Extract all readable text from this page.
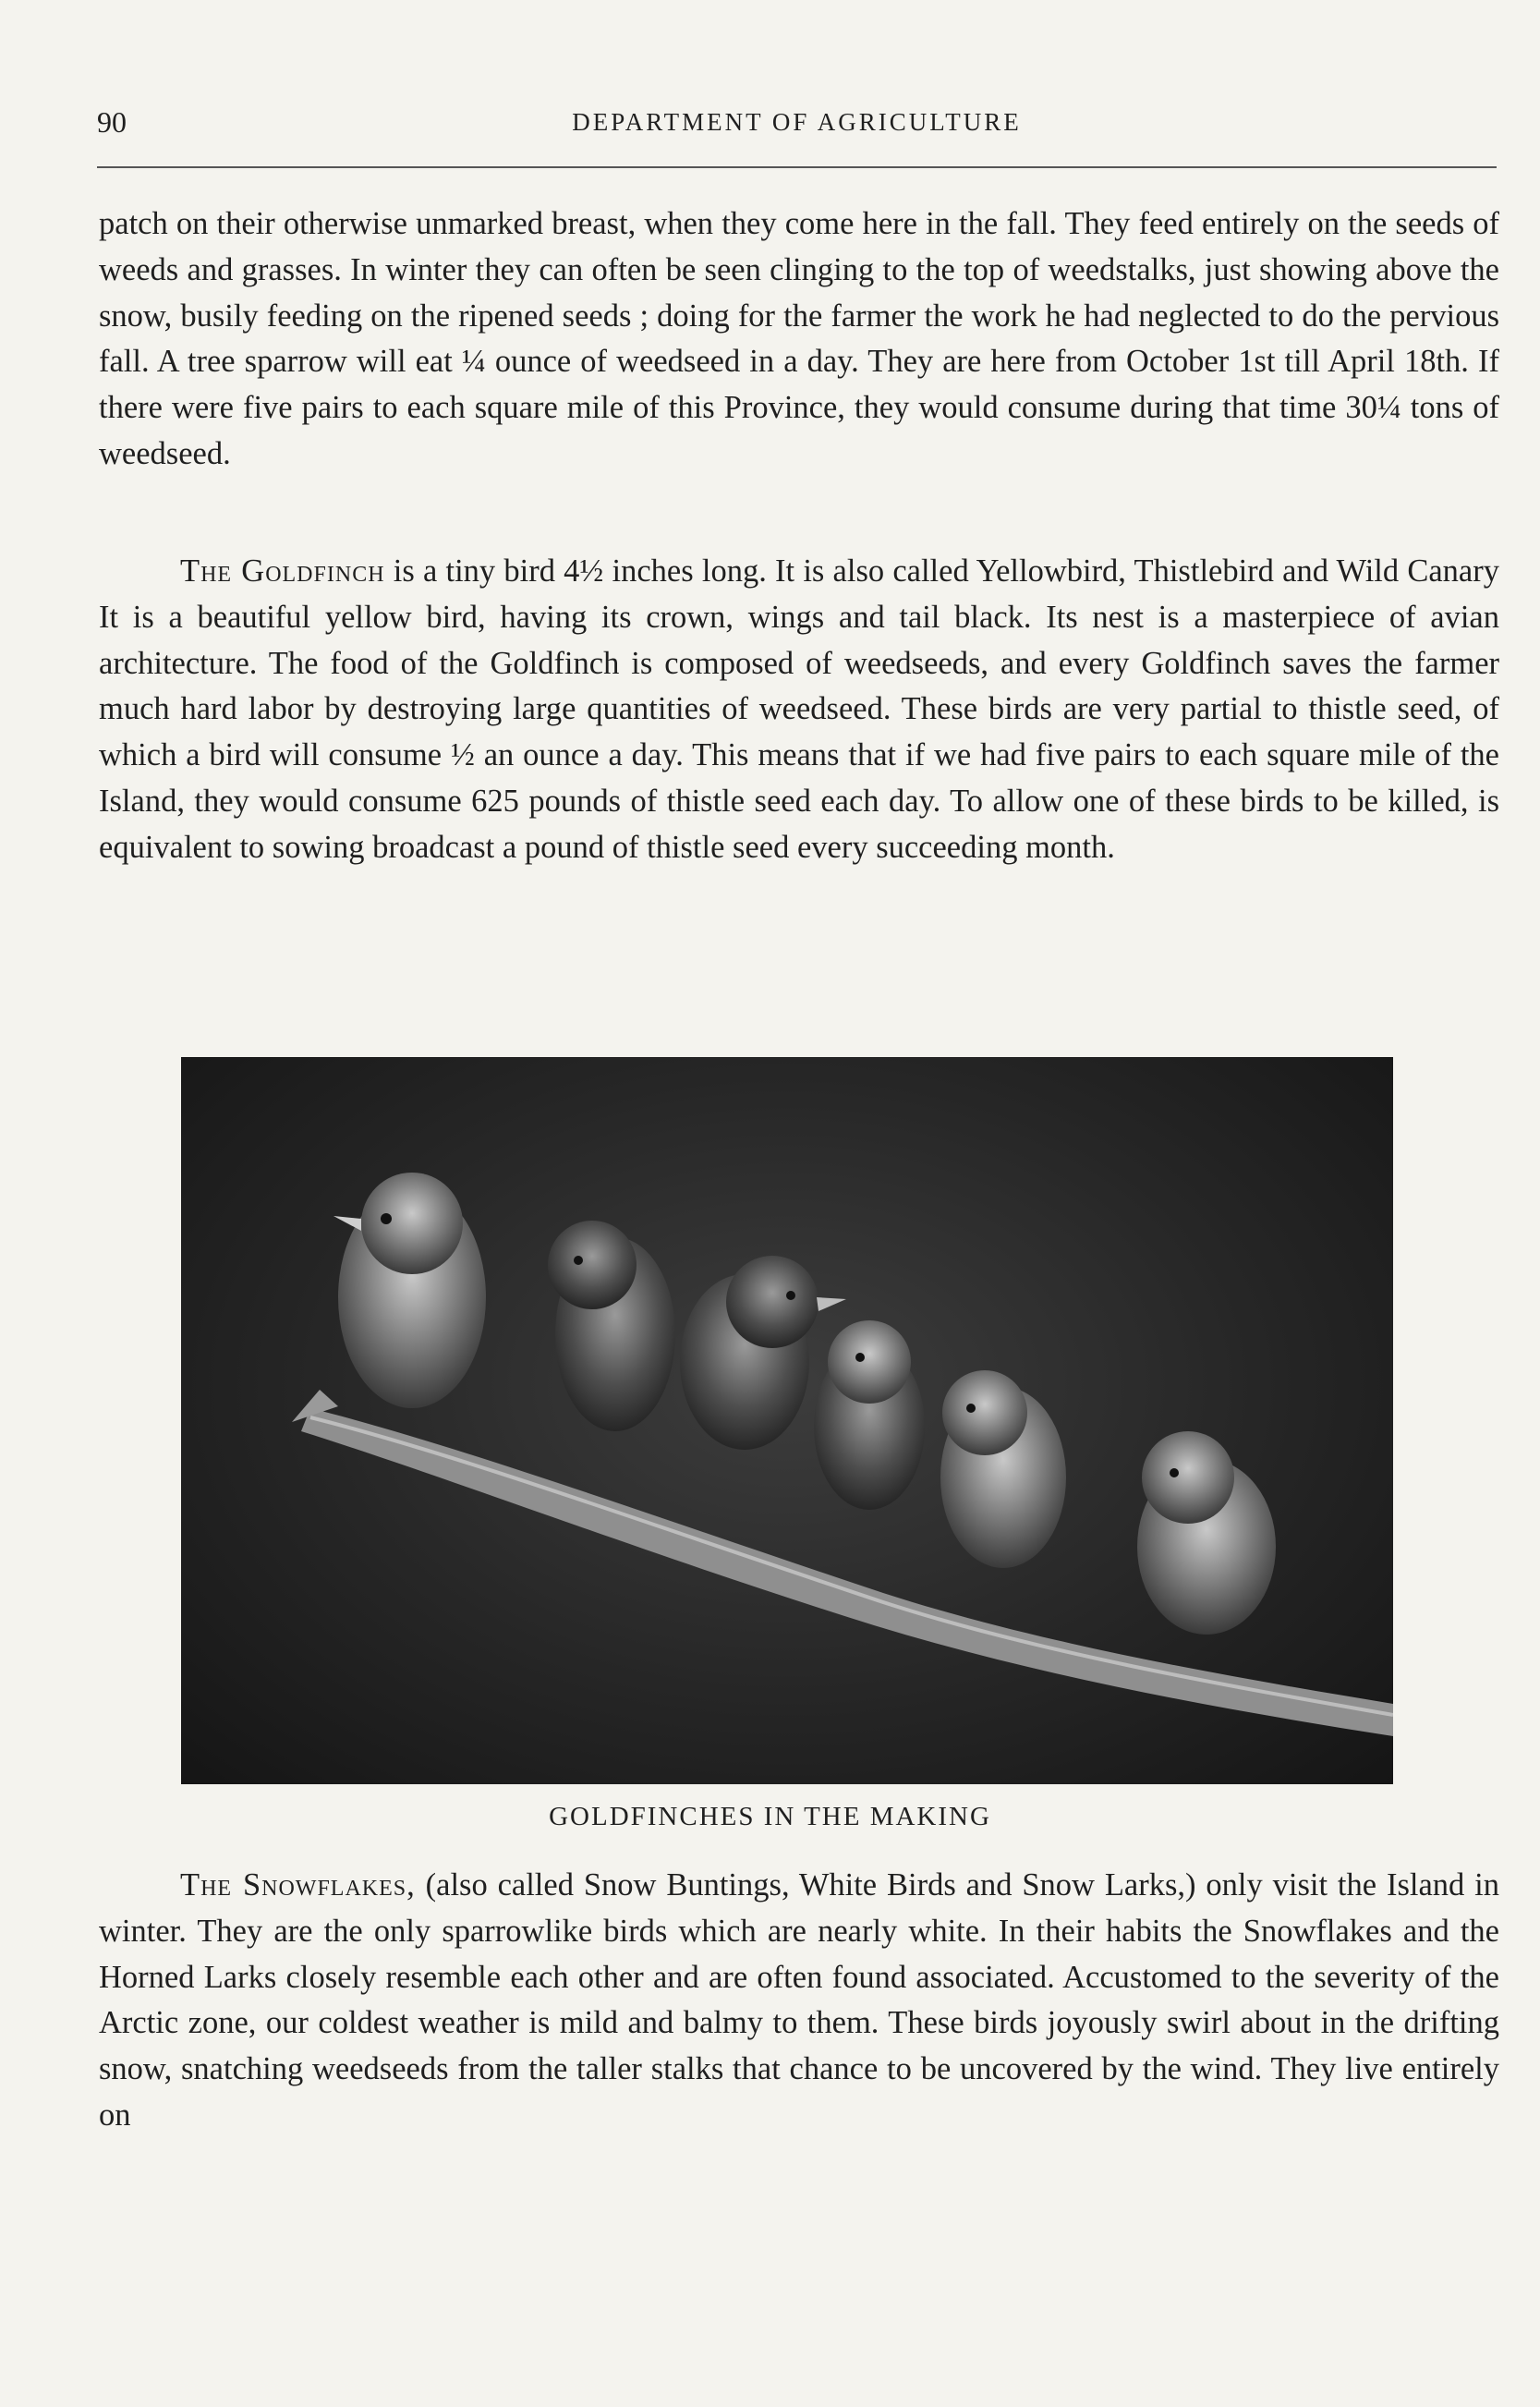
90	DEPARTMENT OF AGRICULTURE

patch on their otherwise unmarked breast, when they come here in the fall. They feed entirely on the seeds of weeds and grasses. In winter they can often be seen clinging to the top of weedstalks, just showing above the snow, busily feeding on the ripened seeds ; doing for the farmer the work he had neglected to do the pervious fall. A tree sparrow will eat ¼ ounce of weedseed in a day. They are here from October 1st till April 18th. If there were five pairs to each square mile of this Province, they would consume during that time 30¼ tons of weedseed.

The Goldfinch is a tiny bird 4½ inches long. It is also called Yellowbird, Thistlebird and Wild Canary It is a beautiful yellow bird, having its crown, wings and tail black. Its nest is a masterpiece of avian architecture. The food of the Goldfinch is composed of weedseeds, and every Goldfinch saves the farmer much hard labor by destroying large quantities of weedseed. These birds are very partial to thistle seed, of which a bird will consume ½ an ounce a day. This means that if we had five pairs to each square mile of the Island, they would consume 625 pounds of thistle seed each day. To allow one of these birds to be killed, is equivalent to sowing broadcast a pound of thistle seed every succeeding month.

GOLDFINCHES IN THE MAKING

The Snowflakes, (also called Snow Buntings, White Birds and Snow Larks,) only visit the Island in winter. They are the only sparrowlike birds which are nearly white. In their habits the Snowflakes and the Horned Larks closely resemble each other and are often found associated. Accustomed to the severity of the Arctic zone, our coldest weather is mild and balmy to them. These birds joyously swirl about in the drifting snow, snatching weedseeds from the taller stalks that chance to be uncovered by the wind. They live entirely on
